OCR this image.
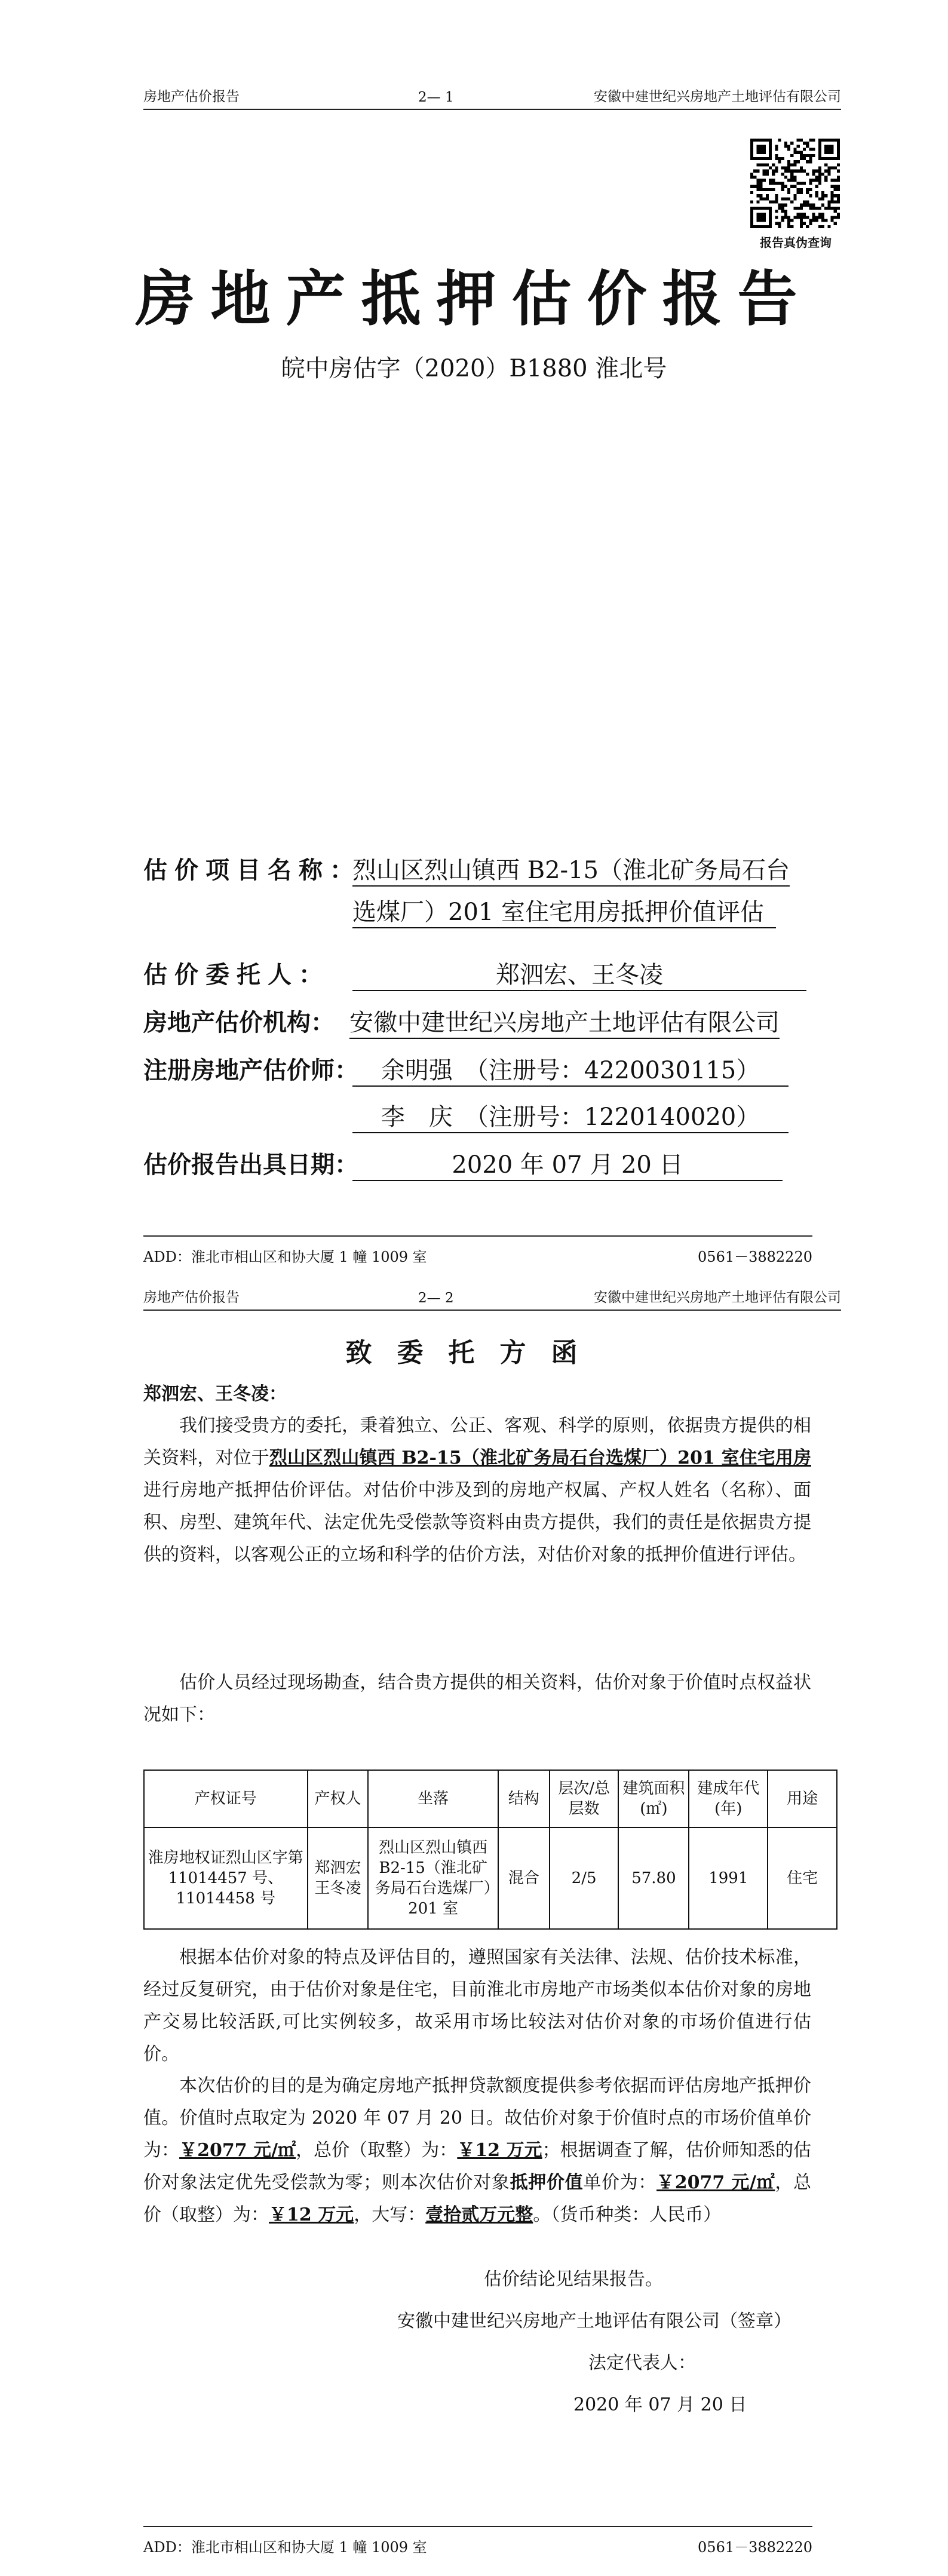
房地产估价报告	2— 1	安徽中建世纪兴房地产土地评估有限公司
报告真伪查询
房地产抵押估价报告
皖中房估字（2020）B1880 淮北号
估价项目名称：
烈山区烈山镇西 B2-15（淮北矿务局石台
选煤厂）201 室住宅用房抵押价值评估
估价委托人：	郑泗宏、王冬凌
房地产估价机构： 安徽中建世纪兴房地产土地评估有限公司
注册房地产估价师： 余明强　（注册号：4220030115）
李　庆　（注册号：1220140020）
估价报告出具日期：	2020 年 07 月 20 日
ADD：淮北市相山区和协大厦 1 幢 1009 室	0561－3882220
房地产估价报告	2— 2	安徽中建世纪兴房地产土地评估有限公司
致委托方函
郑泗宏、王冬凌：
我们接受贵方的委托，秉着独立、公正、客观、科学的原则，依据贵方提供的相关资料，对位于烈山区烈山镇西 B2-15（淮北矿务局石台选煤厂）201 室住宅用房进行房地产抵押估价评估。对估价中涉及到的房地产权属、产权人姓名（名称）、面积、房型、建筑年代、法定优先受偿款等资料由贵方提供，我们的责任是依据贵方提供的资料，以客观公正的立场和科学的估价方法，对估价对象的抵押价值进行评估。
估价人员经过现场勘查，结合贵方提供的相关资料，估价对象于价值时点权益状况如下：
产权证号	产权人	坐落	结构	层次/总层数	建筑面积(㎡)	建成年代(年)	用途
淮房地权证烈山区字第 11014457 号、11014458 号	郑泗宏王冬凌	烈山区烈山镇西 B2-15（淮北矿务局石台选煤厂）201 室	混合	2/5	57.80	1991	住宅
根据本估价对象的特点及评估目的，遵照国家有关法律、法规、估价技术标准，经过反复研究，由于估价对象是住宅，目前淮北市房地产市场类似本估价对象的房地产交易比较活跃,可比实例较多，故采用市场比较法对估价对象的市场价值进行估价。
本次估价的目的是为确定房地产抵押贷款额度提供参考依据而评估房地产抵押价值。价值时点取定为 2020 年 07 月 20 日。故估价对象于价值时点的市场价值单价为：￥2077 元/㎡，总价（取整）为：￥12 万元；根据调查了解，估价师知悉的估价对象法定优先受偿款为零；则本次估价对象抵押价值单价为：￥2077 元/㎡，总价（取整）为：￥12 万元，大写：壹拾贰万元整。（货币种类：人民币）
估价结论见结果报告。
安徽中建世纪兴房地产土地评估有限公司（签章）
法定代表人：
2020 年 07 月 20 日
ADD：淮北市相山区和协大厦 1 幢 1009 室	0561－3882220
